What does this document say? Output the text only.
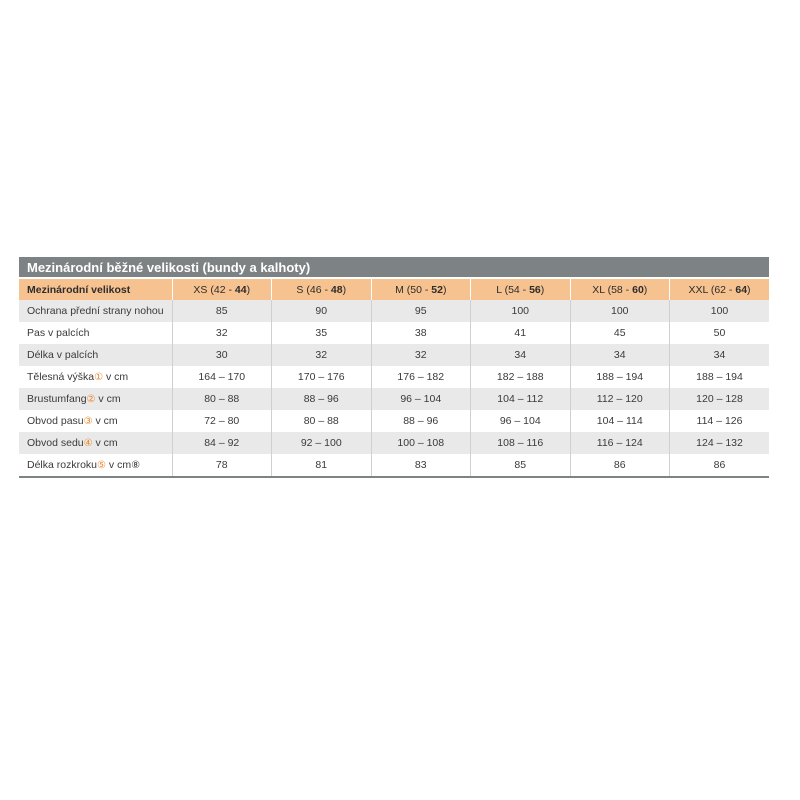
Mezinárodní běžné velikosti (bundy a kalhoty)
Mezinárodní velikost	XS (42 - 44)	S (46 - 48)	M (50 - 52)	L (54 - 56)	XL (58 - 60)	XXL (62 - 64)
Ochrana přední strany nohou	85	90	95	100	100	100
Pas v palcích	32	35	38	41	45	50
Délka v palcích	30	32	32	34	34	34
Tělesná výška① v cm	164 – 170	170 – 176	176 – 182	182 – 188	188 – 194	188 – 194
Brustumfang② v cm	80 – 88	88 – 96	96 – 104	104 – 112	112 – 120	120 – 128
Obvod pasu③ v cm	72 – 80	80 – 88	88 – 96	96 – 104	104 – 114	114 – 126
Obvod sedu④ v cm	84 – 92	92 – 100	100 – 108	108 – 116	116 – 124	124 – 132
Délka rozkroku⑤ v cm⑧	78	81	83	85	86	86
